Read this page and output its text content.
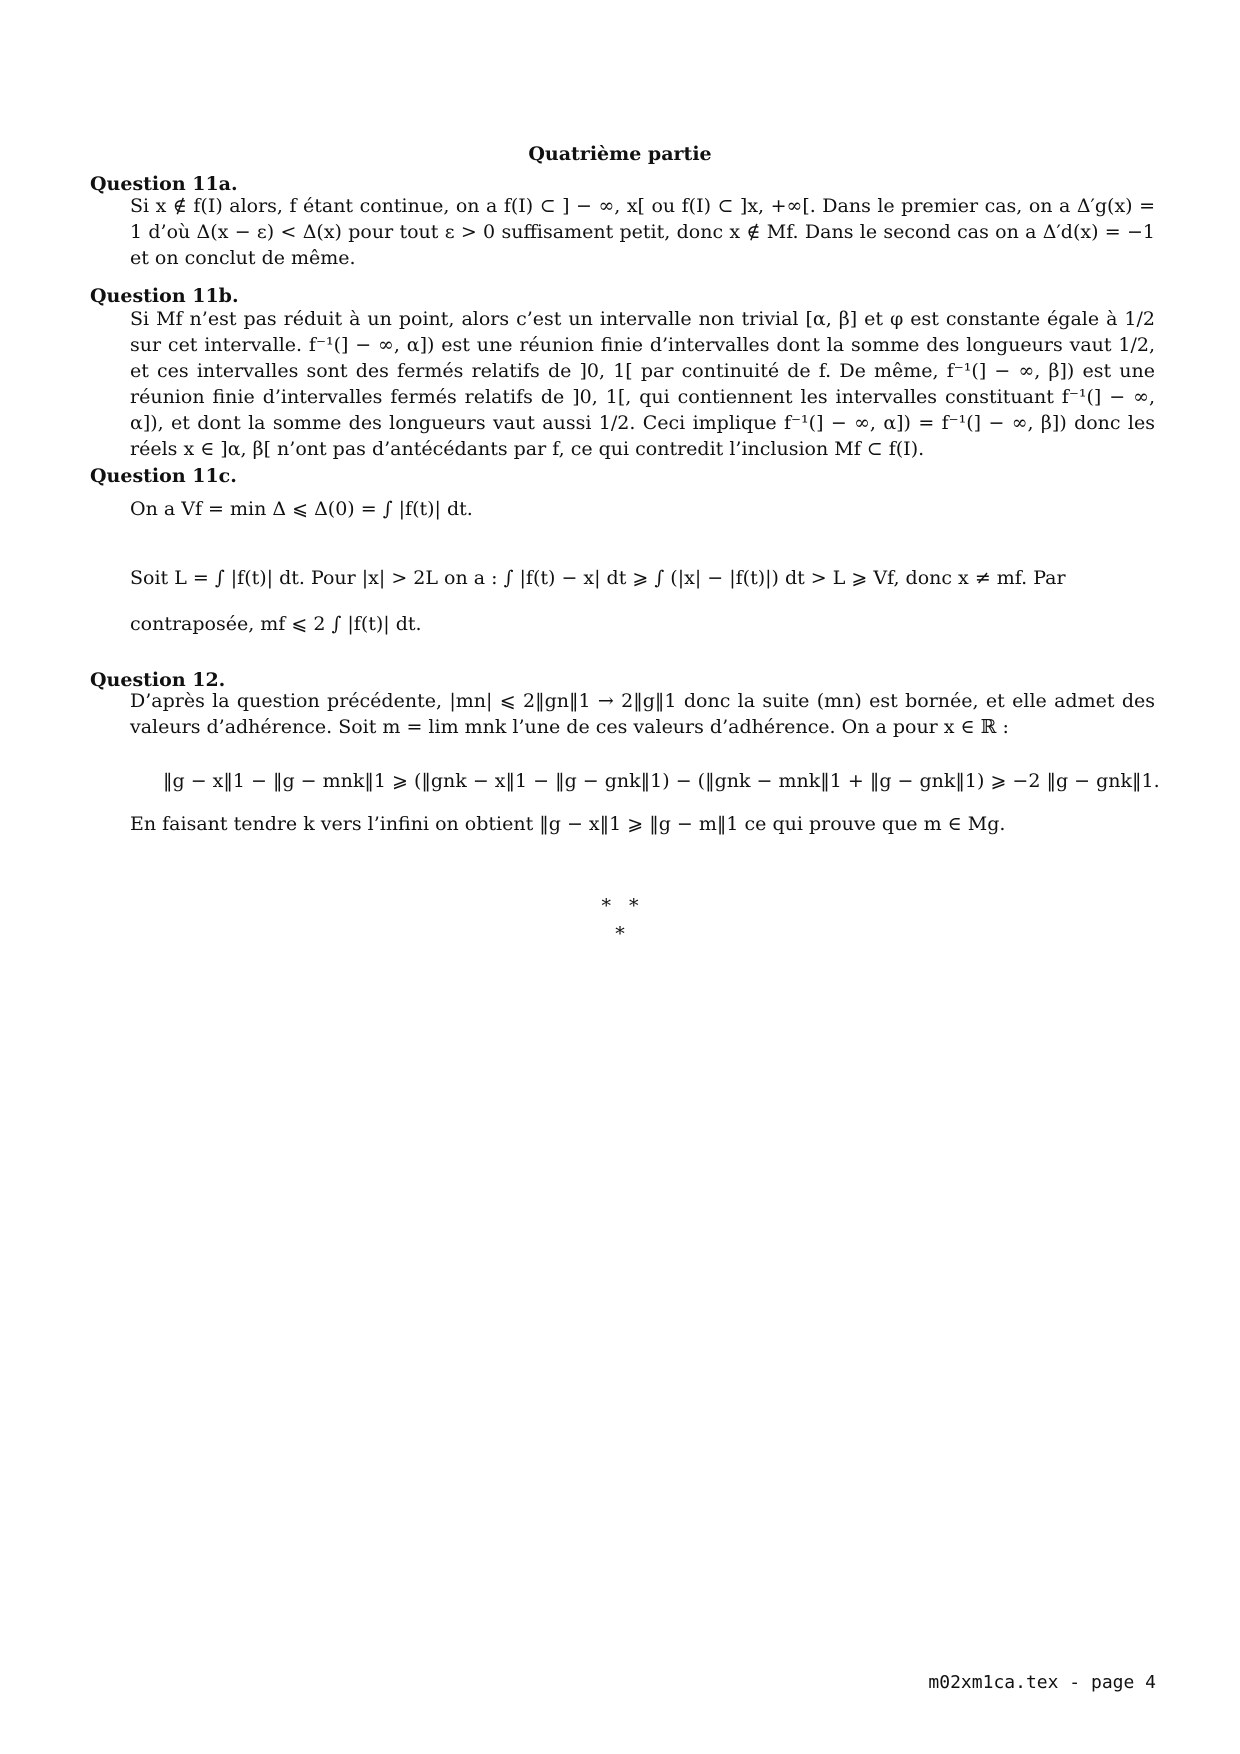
Quatrième partie
Question 11a.

Si x ∉ f(I) alors, f étant continue, on a f(I) ⊂ ] − ∞, x[ ou f(I) ⊂ ]x, +∞[. Dans le premier cas, on a Δ′g(x) = 1 d’où Δ(x − ε) < Δ(x) pour tout ε > 0 suffisament petit, donc x ∉ Mf. Dans le second cas on a Δ′d(x) = −1 et on conclut de même.

Question 11b.

Si Mf n’est pas réduit à un point, alors c’est un intervalle non trivial [α, β] et φ est constante égale à 1/2 sur cet intervalle. f⁻¹(] − ∞, α]) est une réunion finie d’intervalles dont la somme des longueurs vaut 1/2, et ces intervalles sont des fermés relatifs de ]0, 1[ par continuité de f. De même, f⁻¹(] − ∞, β]) est une réunion finie d’intervalles fermés relatifs de ]0, 1[, qui contiennent les intervalles constituant f⁻¹(] − ∞, α]), et dont la somme des longueurs vaut aussi 1/2. Ceci implique f⁻¹(] − ∞, α]) = f⁻¹(] − ∞, β]) donc les réels x ∈ ]α, β[ n’ont pas d’antécédants par f, ce qui contredit l’inclusion Mf ⊂ f(I).

Question 11c.
On a Vf = min Δ ⩽ Δ(0) = ∫ |f(t)| dt.
Soit L = ∫ |f(t)| dt. Pour |x| > 2L on a : ∫ |f(t) − x| dt ⩾ ∫ (|x| − |f(t)|) dt > L ⩾ Vf, donc x ≠ mf. Par
contraposée, mf ⩽ 2 ∫ |f(t)| dt.
Question 12.

D’après la question précédente, |mn| ⩽ 2‖gn‖1 → 2‖g‖1 donc la suite (mn) est bornée, et elle admet des valeurs d’adhérence. Soit m = lim mnk l’une de ces valeurs d’adhérence. On a pour x ∈ ℝ :

‖g − x‖1 − ‖g − mnk‖1 ⩾ (‖gnk − x‖1 − ‖g − gnk‖1) − (‖gnk − mnk‖1 + ‖g − gnk‖1) ⩾ −2 ‖g − gnk‖1.
En faisant tendre k vers l’infini on obtient ‖g − x‖1 ⩾ ‖g − m‖1 ce qui prouve que m ∈ Mg.
*   *
*
m02xm1ca.tex - page 4
